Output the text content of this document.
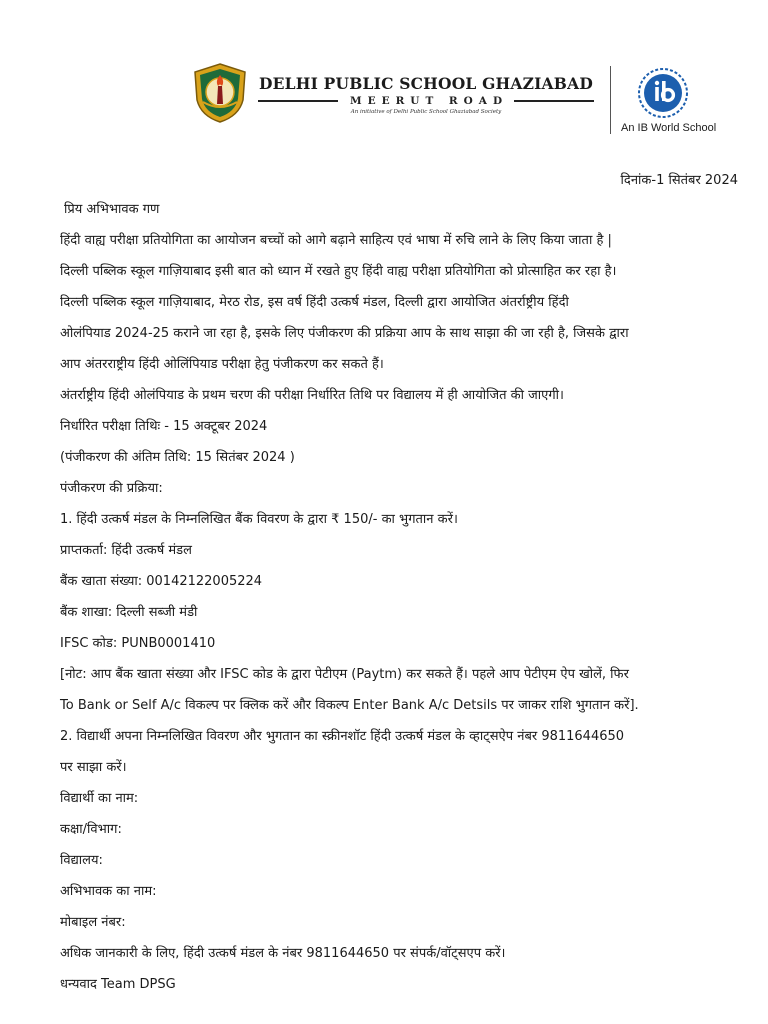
DELHI PUBLIC SCHOOL GHAZIABAD
MEERUT ROAD
An initiative of Delhi Public School Ghaziabad Society
An IB World School
दिनांक-1 सितंबर 2024
प्रिय अभिभावक गण
हिंदी वाह्य परीक्षा प्रतियोगिता का आयोजन बच्चों को आगे बढ़ाने साहित्य एवं भाषा में रुचि लाने के लिए किया जाता है |
दिल्ली पब्लिक स्कूल गाज़ियाबाद इसी बात को ध्यान में रखते हुए हिंदी वाह्य परीक्षा प्रतियोगिता को प्रोत्साहित कर रहा है।
दिल्ली पब्लिक स्कूल गाज़ियाबाद, मेरठ रोड, इस वर्ष हिंदी उत्कर्ष मंडल, दिल्ली द्वारा आयोजित अंतर्राष्ट्रीय हिंदी
ओलंपियाड 2024-25 कराने जा रहा है, इसके लिए पंजीकरण की प्रक्रिया आप के साथ साझा की जा रही है, जिसके द्वारा
आप अंतरराष्ट्रीय हिंदी ओलिंपियाड परीक्षा हेतु पंजीकरण कर सकते हैं।
अंतर्राष्ट्रीय हिंदी ओलंपियाड के प्रथम चरण की परीक्षा निर्धारित तिथि पर विद्यालय में ही आयोजित की जाएगी।
निर्धारित परीक्षा तिथिः - 15 अक्टूबर 2024
(पंजीकरण की अंतिम तिथि: 15 सितंबर 2024 )
पंजीकरण की प्रक्रिया:
1. हिंदी उत्कर्ष मंडल के निम्नलिखित बैंक विवरण के द्वारा ₹ 150/- का भुगतान करें।
प्राप्तकर्ता: हिंदी उत्कर्ष मंडल
बैंक खाता संख्या: 00142122005224
बैंक शाखा: दिल्ली सब्जी मंडी
IFSC कोड: PUNB0001410
[नोट: आप बैंक खाता संख्या और IFSC कोड के द्वारा पेटीएम (Paytm) कर सकते हैं। पहले आप पेटीएम ऐप खोलें, फिर
To Bank or Self A/c विकल्प पर क्लिक करें और विकल्प Enter Bank A/c Detsils पर जाकर राशि भुगतान करें].
2. विद्यार्थी अपना निम्नलिखित विवरण और भुगतान का स्क्रीनशॉट हिंदी उत्कर्ष मंडल के व्हाट्सऐप नंबर 9811644650
पर साझा करें।
विद्यार्थी का नाम:
कक्षा/विभाग:
विद्यालय:
अभिभावक का नाम:
मोबाइल नंबर:
अधिक जानकारी के लिए, हिंदी उत्कर्ष मंडल के नंबर 9811644650 पर संपर्क/वॉट्सएप करें।
धन्यवाद Team DPSG
